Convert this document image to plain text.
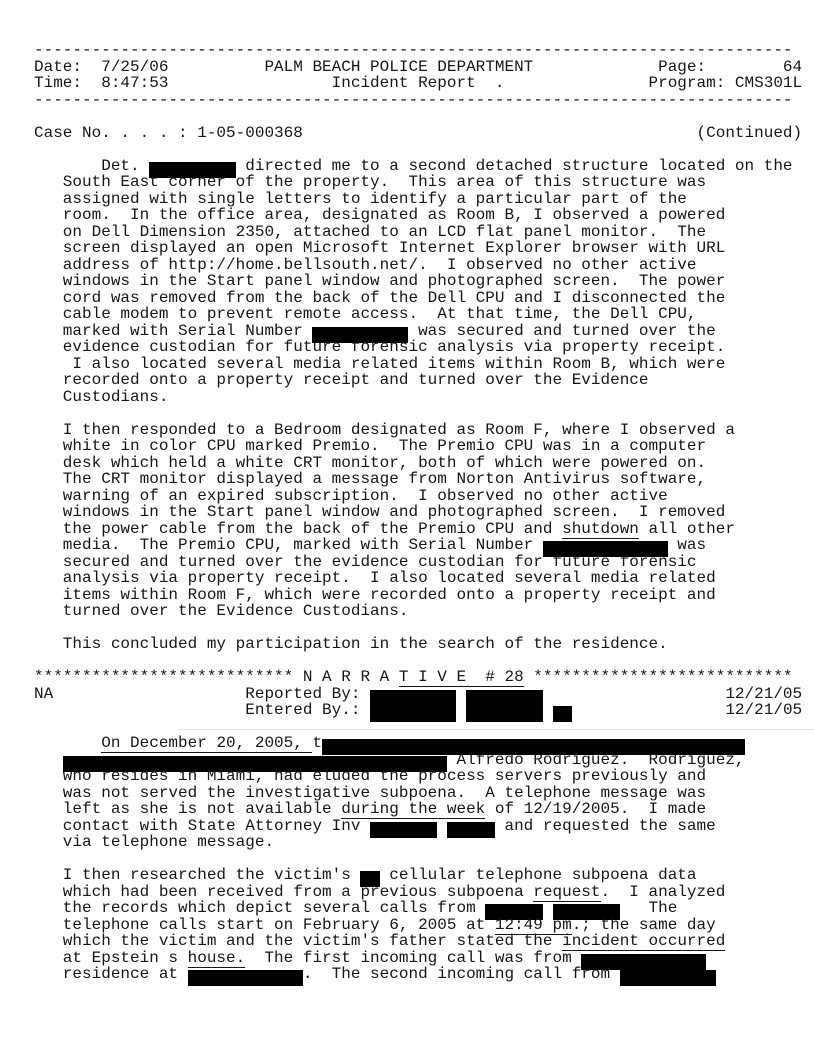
-------------------------------------------------------------------------------
Date:  7/25/06          PALM BEACH POLICE DEPARTMENT             Page:        64
Time:  8:47:53                 Incident Report  .               Program: CMS301L
-------------------------------------------------------------------------------

Case No. . . . : 1-05-000368                                         (Continued)

Det.	directed me to a second detached structure located on the
South East corner of the property.  This area of this structure was
assigned with single letters to identify a particular part of the
room.  In the office area, designated as Room B, I observed a powered
on Dell Dimension 2350, attached to an LCD flat panel monitor.  The
screen displayed an open Microsoft Internet Explorer browser with URL
address of http://home.bellsouth.net/.  I observed no other active
windows in the Start panel window and photographed screen.  The power
cord was removed from the back of the Dell CPU and I disconnected the
cable modem to prevent remote access.  At that time, the Dell CPU,
marked with Serial Number	was secured and turned over the
evidence custodian for future forensic analysis via property receipt.
I also located several media related items within Room B, which were
recorded onto a property receipt and turned over the Evidence
Custodians.

I then responded to a Bedroom designated as Room F, where I observed a
white in color CPU marked Premio.  The Premio CPU was in a computer
desk which held a white CRT monitor, both of which were powered on.
The CRT monitor displayed a message from Norton Antivirus software,
warning of an expired subscription.  I observed no other active
windows in the Start panel window and photographed screen.  I removed
the power cable from the back of the Premio CPU and shutdown all other
media.  The Premio CPU, marked with Serial Number	was
secured and turned over the evidence custodian for future forensic
analysis via property receipt.  I also located several media related
items within Room F, which were recorded onto a property receipt and
turned over the Evidence Custodians.

This concluded my participation in the search of the residence.

*************************** N A R R A T I V E  # 28 ***************************
NA                    Reported By:	12/21/05
Entered By.:	12/21/05

On December 20, 2005, t
Alfredo Rodriguez.  Rodriguez,
who resides in Miami, had eluded the process servers previously and
was not served the investigative subpoena.  A telephone message was
left as she is not available during the week of 12/19/2005.  I made
contact with State Attorney Inv	and requested the same
via telephone message.

I then researched the victim's  cellular telephone subpoena data
which had been received from a previous subpoena request.  I analyzed
the records which depict several calls from	The
telephone calls start on February 6, 2005 at 12:49 pm.; the same day
which the victim and the victim's father stated the incident occurred
at Epstein s house.  The first incoming call was from
residence at	.  The second incoming call from
